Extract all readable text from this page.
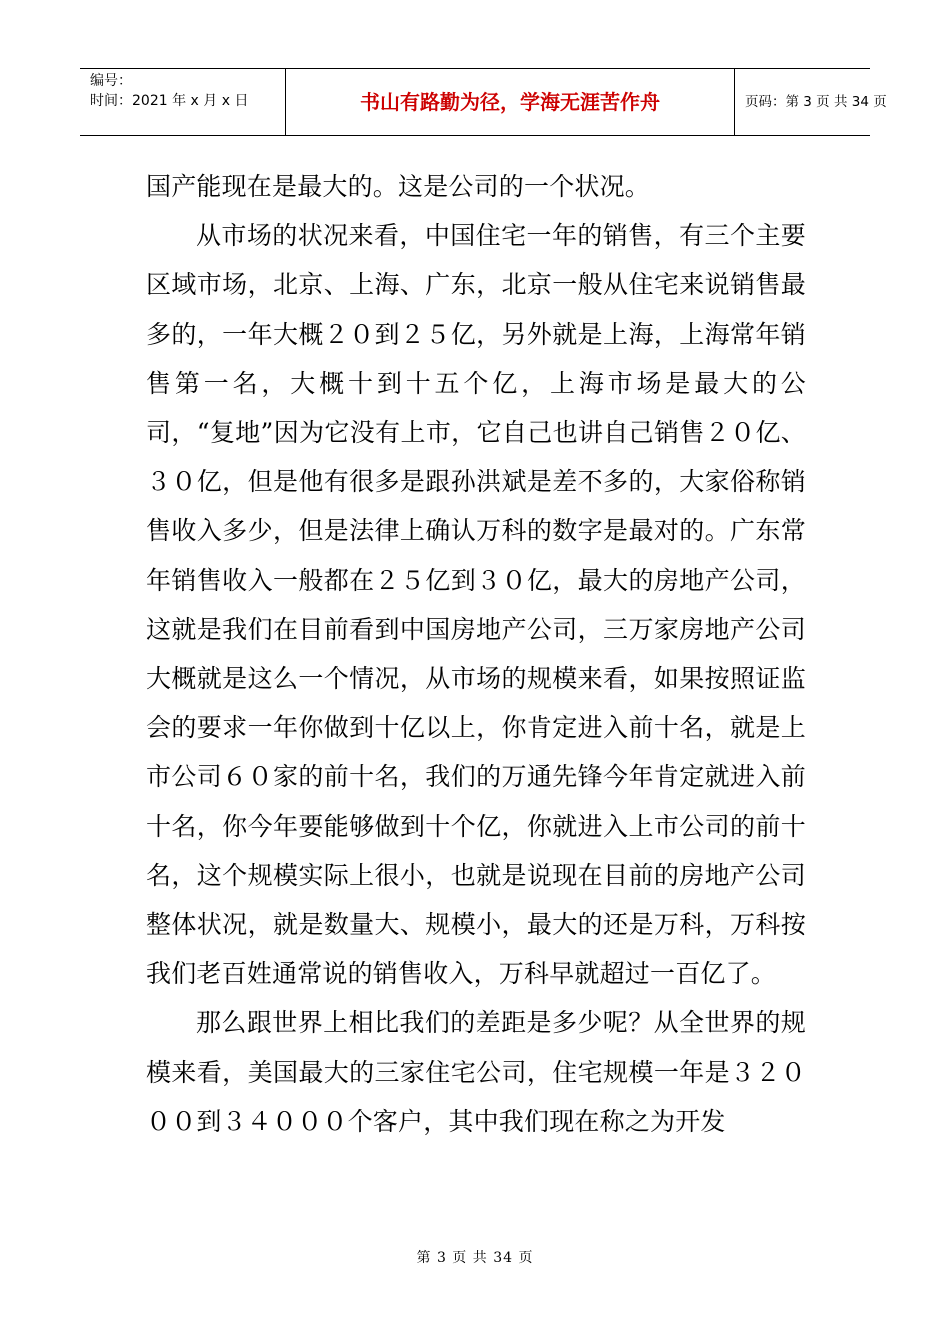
编号：
时间：2021 年 x 月 x 日	书山有路勤为径，学海无涯苦作舟	页码：第 3 页 共 34 页

国产能现在是最大的。这是公司的一个状况。

从市场的状况来看，中国住宅一年的销售，有三个主要区域市场，北京、上海、广东，北京一般从住宅来说销售最多的，一年大概２０到２５亿，另外就是上海，上海常年销售第一名，大概十到十五个亿，上海市场是最大的公司，“复地”因为它没有上市，它自己也讲自己销售２０亿、３０亿，但是他有很多是跟孙洪斌是差不多的，大家俗称销售收入多少，但是法律上确认万科的数字是最对的。广东常年销售收入一般都在２５亿到３０亿，最大的房地产公司，这就是我们在目前看到中国房地产公司，三万家房地产公司大概就是这么一个情况，从市场的规模来看，如果按照证监会的要求一年你做到十亿以上，你肯定进入前十名，就是上市公司６０家的前十名，我们的万通先锋今年肯定就进入前十名，你今年要能够做到十个亿，你就进入上市公司的前十名，这个规模实际上很小，也就是说现在目前的房地产公司整体状况，就是数量大、规模小，最大的还是万科，万科按我们老百姓通常说的销售收入，万科早就超过一百亿了。

那么跟世界上相比我们的差距是多少呢？从全世界的规模来看，美国最大的三家住宅公司，住宅规模一年是３２０００到３４０００个客户，其中我们现在称之为开发

第 3 页 共 34 页
